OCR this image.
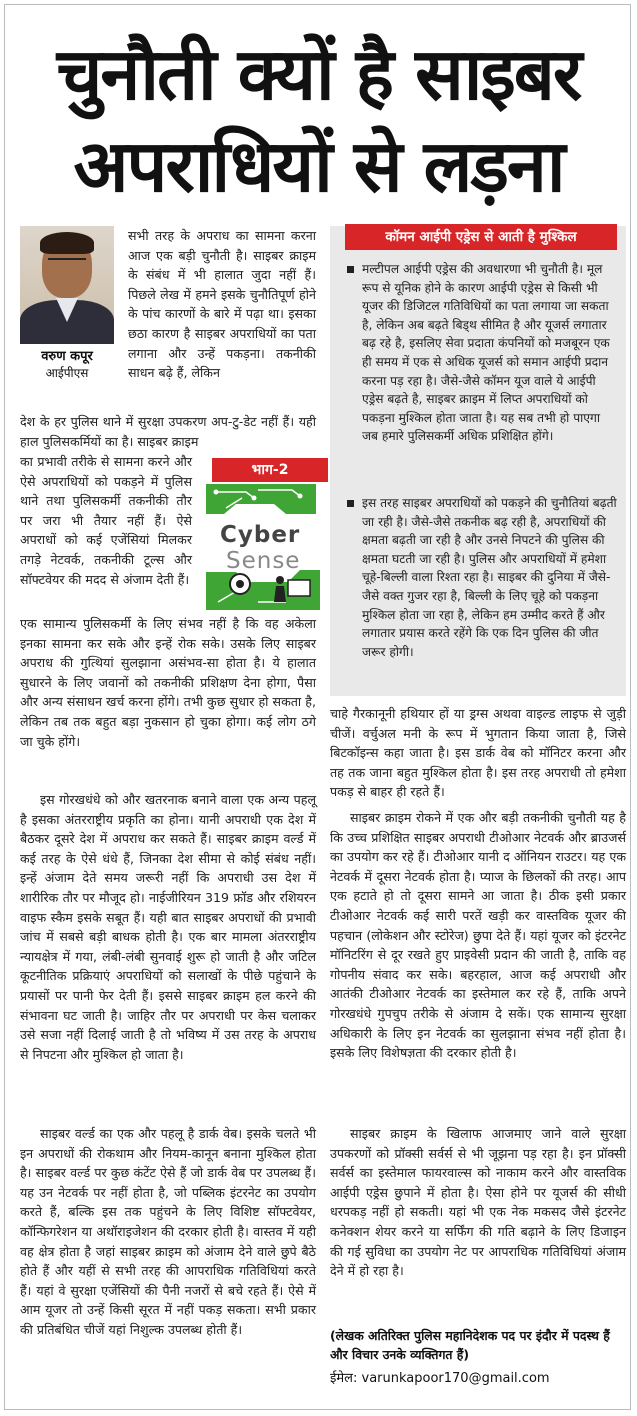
चुनौती क्यों है साइबर
अपराधियों से लड़ना
वरुण कपूर
आईपीएस
सभी तरह के अपराध का सामना करना आज एक बड़ी चुनौती है। साइबर क्राइम के संबंध में भी हालात जुदा नहीं हैं। पिछले लेख में हमने इसके चुनौतिपूर्ण होने के पांच कारणों के बारे में पढ़ा था। इसका छठा कारण है साइबर अपराधियों का पता लगाना और उन्हें पकड़ना। तकनीकी साधन बढ़े हैं, लेकिन
देश के हर पुलिस थाने में सुरक्षा उपकरण अप-टु-डेट नहीं हैं। यही हाल पुलिसकर्मियों का है। साइबर क्राइम
का प्रभावी तरीके से सामना करने और ऐसे अपराधियों को पकड़ने में पुलिस थाने तथा पुलिसकर्मी तकनीकी तौर पर जरा भी तैयार नहीं हैं। ऐसे अपराधों को कई एजेंसियां मिलकर तगड़े नेटवर्क, तकनीकी टूल्स और सॉफ्टवेयर की मदद से अंजाम देती हैं।
भाग-2
Cyber
Sense
एक सामान्य पुलिसकर्मी के लिए संभव नहीं है कि वह अकेला इनका सामना कर सके और इन्हें रोक सके। उसके लिए साइबर अपराध की गुत्थियां सुलझाना असंभव-सा होता है। ये हालात सुधारने के लिए जवानों को तकनीकी प्रशिक्षण देना होगा, पैसा और अन्य संसाधन खर्च करना होंगे। तभी कुछ सुधार हो सकता है, लेकिन तब तक बहुत बड़ा नुकसान हो चुका होगा। कई लोग ठगे जा चुके होंगे।
इस गोरखधंधे को और खतरनाक बनाने वाला एक अन्य पहलू है इसका अंतरराष्ट्रीय प्रकृति का होना। यानी अपराधी एक देश में बैठकर दूसरे देश में अपराध कर सकते हैं। साइबर क्राइम वर्ल्ड में कई तरह के ऐसे धंधे हैं, जिनका देश सीमा से कोई संबंध नहीं। इन्हें अंजाम देते समय जरूरी नहीं कि अपराधी उस देश में शारीरिक तौर पर मौजूद हो। नाईजीरियन 319 फ्रॉड और रशियरन वाइफ स्कैम इसके सबूत हैं। यही बात साइबर अपराधों की प्रभावी जांच में सबसे बड़ी बाधक होती है। एक बार मामला अंतरराष्ट्रीय न्यायक्षेत्र में गया, लंबी-लंबी सुनवाई शुरू हो जाती है और जटिल कूटनीतिक प्रक्रियाएं अपराधियों को सलाखों के पीछे पहुंचाने के प्रयासों पर पानी फेर देती हैं। इससे साइबर क्राइम हल करने की संभावना घट जाती है। जाहिर तौर पर अपराधी पर केस चलाकर उसे सजा नहीं दिलाई जाती है तो भविष्य में उस तरह के अपराध से निपटना और मुश्किल हो जाता है।
साइबर वर्ल्ड का एक और पहलू है डार्क वेब। इसके चलते भी इन अपराधों की रोकथाम और नियम-कानून बनाना मुश्किल होता है। साइबर वर्ल्ड पर कुछ कंटेंट ऐसे हैं जो डार्क वेब पर उपलब्ध हैं। यह उन नेटवर्क पर नहीं होता है, जो पब्लिक इंटरनेट का उपयोग करते हैं, बल्कि इस तक पहुंचने के लिए विशिष्ट सॉफ्टवेयर, कॉन्फिगरेशन या अथॉराइजेशन की दरकार होती है। वास्तव में यही वह क्षेत्र होता है जहां साइबर क्राइम को अंजाम देने वाले छुपे बैठे होते हैं और यहीं से सभी तरह की आपराधिक गतिविधियां करते हैं। यहां वे सुरक्षा एजेंसियों की पैनी नजरों से बचे रहते हैं। ऐसे में आम यूजर तो उन्हें किसी सूरत में नहीं पकड़ सकता। सभी प्रकार की प्रतिबंधित चीजें यहां निशुल्क उपलब्ध होती हैं।
कॉमन आईपी एड्रेस से आती है मुश्किल
मल्टीपल आईपी एड्रेस की अवधारणा भी चुनौती है। मूल रूप से यूनिक होने के कारण आईपी एड्रेस से किसी भी यूजर की डिजिटल गतिविधियों का पता लगाया जा सकता है, लेकिन अब बढ़ते बिड्थ सीमित है और यूजर्स लगातार बढ़ रहे है, इसलिए सेवा प्रदाता कंपनियों को मजबूरन एक ही समय में एक से अधिक यूजर्स को समान आईपी प्रदान करना पड़ रहा है। जैसे-जैसे कॉमन यूज वाले ये आईपी एड्रेस बढ़ते है, साइबर क्राइम में लिप्त अपराधियों को पकड़ना मुश्किल होता जाता है। यह सब तभी हो पाएगा जब हमारे पुलिसकर्मी अधिक प्रशिक्षित होंगे।
इस तरह साइबर अपराधियों को पकड़ने की चुनौतियां बढ़ती जा रही है। जैसे-जैसे तकनीक बढ़ रही है, अपराधियों की क्षमता बढ़ती जा रही है और उनसे निपटने की पुलिस की क्षमता घटती जा रही है। पुलिस और अपराधियों में हमेशा चूहे-बिल्ली वाला रिश्ता रहा है। साइबर की दुनिया में जैसे-जैसे वक्त गुजर रहा है, बिल्ली के लिए चूहे को पकड़ना मुश्किल होता जा रहा है, लेकिन हम उम्मीद करते हैं और लगातार प्रयास करते रहेंगे कि एक दिन पुलिस की जीत जरूर होगी।
चाहे गैरकानूनी हथियार हों या ड्रग्स अथवा वाइल्ड लाइफ से जुड़ी चीजें। वर्चुअल मनी के रूप में भुगतान किया जाता है, जिसे बिटकॉइन्स कहा जाता है। इस डार्क वेब को मॉनिटर करना और तह तक जाना बहुत मुश्किल होता है। इस तरह अपराधी तो हमेशा पकड़ से बाहर ही रहते हैं।
साइबर क्राइम रोकने में एक और बड़ी तकनीकी चुनौती यह है कि उच्च प्रशिक्षित साइबर अपराधी टीओआर नेटवर्क और ब्राउजर्स का उपयोग कर रहे हैं। टीओआर यानी द ऑनियन राउटर। यह एक नेटवर्क में दूसरा नेटवर्क होता है। प्याज के छिलकों की तरह। आप एक हटाते हो तो दूसरा सामने आ जाता है। ठीक इसी प्रकार टीओआर नेटवर्क कई सारी परतें खड़ी कर वास्तविक यूजर की पहचान (लोकेशन और स्टोरेज) छुपा देते हैं। यहां यूजर को इंटरनेट मॉनिटरिंग से दूर रखते हुए प्राइवेसी प्रदान की जाती है, ताकि वह गोपनीय संवाद कर सके। बहरहाल, आज कई अपराधी और आतंकी टीओआर नेटवर्क का इस्तेमाल कर रहे हैं, ताकि अपने गोरखधंधे गुपचुप तरीके से अंजाम दे सकें। एक सामान्य सुरक्षा अधिकारी के लिए इन नेटवर्क का सुलझाना संभव नहीं होता है। इसके लिए विशेषज्ञता की दरकार होती है।
साइबर क्राइम के खिलाफ आजमाए जाने वाले सुरक्षा उपकरणों को प्रॉक्सी सर्वर्स से भी जूझना पड़ रहा है। इन प्रॉक्सी सर्वर्स का इस्तेमाल फायरवाल्स को नाकाम करने और वास्तविक आईपी एड्रेस छुपाने में होता है। ऐसा होने पर यूजर्स की सीधी धरपकड़ नहीं हो सकती। यहां भी एक नेक मकसद जैसे इंटरनेट कनेक्शन शेयर करने या सर्फिंग की गति बढ़ाने के लिए डिजाइन की गई सुविधा का उपयोग नेट पर आपराधिक गतिविधियां अंजाम देने में हो रहा है।
(लेखक अतिरिक्त पुलिस महानिदेशक पद पर इंदौर में पदस्थ हैं और विचार उनके व्यक्तिगत हैं)
ईमेल: varunkapoor170@gmail.com
